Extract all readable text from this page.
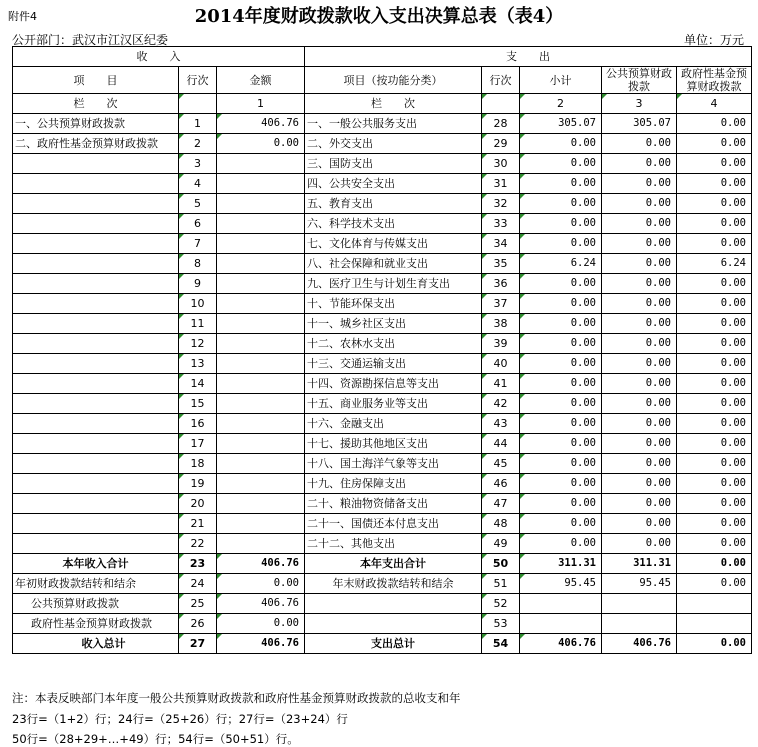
附件4	2014年度财政拨款收入支出决算总表（表4）
公开部门：武汉市江汉区纪委	单位：万元
收　　入			支　　出				
项　　目	行次	金额	项目（按功能分类）	行次	小计	公共预算财政拨款	政府性基金预算财政拨款
栏　　次		1	栏　　次		2	3	4
一、公共预算财政拨款	1	406.76	一、一般公共服务支出	28	305.07	305.07	0.00
二、政府性基金预算财政拨款	2	0.00	二、外交支出	29	0.00	0.00	0.00
	3		三、国防支出	30	0.00	0.00	0.00
	4		四、公共安全支出	31	0.00	0.00	0.00
	5		五、教育支出	32	0.00	0.00	0.00
	6		六、科学技术支出	33	0.00	0.00	0.00
	7		七、文化体育与传媒支出	34	0.00	0.00	0.00
	8		八、社会保障和就业支出	35	6.24	0.00	6.24
	9		九、医疗卫生与计划生育支出	36	0.00	0.00	0.00
	10		十、节能环保支出	37	0.00	0.00	0.00
	11		十一、城乡社区支出	38	0.00	0.00	0.00
	12		十二、农林水支出	39	0.00	0.00	0.00
	13		十三、交通运输支出	40	0.00	0.00	0.00
	14		十四、资源勘探信息等支出	41	0.00	0.00	0.00
	15		十五、商业服务业等支出	42	0.00	0.00	0.00
	16		十六、金融支出	43	0.00	0.00	0.00
	17		十七、援助其他地区支出	44	0.00	0.00	0.00
	18		十八、国土海洋气象等支出	45	0.00	0.00	0.00
	19		十九、住房保障支出	46	0.00	0.00	0.00
	20		二十、粮油物资储备支出	47	0.00	0.00	0.00
	21		二十一、国债还本付息支出	48	0.00	0.00	0.00
	22		二十二、其他支出	49	0.00	0.00	0.00
本年收入合计	23	406.76	本年支出合计	50	311.31	311.31	0.00
年初财政拨款结转和结余	24	0.00	年末财政拨款结转和结余	51	95.45	95.45	0.00
公共预算财政拨款	25	406.76		52			
政府性基金预算财政拨款	26	0.00		53			
收入总计	27	406.76	支出总计	54	406.76	406.76	0.00
注：本表反映部门本年度一般公共预算财政拨款和政府性基金预算财政拨款的总收支和年
23行=（1+2）行；24行=（25+26）行；27行=（23+24）行
50行=（28+29+…+49）行；54行=（50+51）行。
